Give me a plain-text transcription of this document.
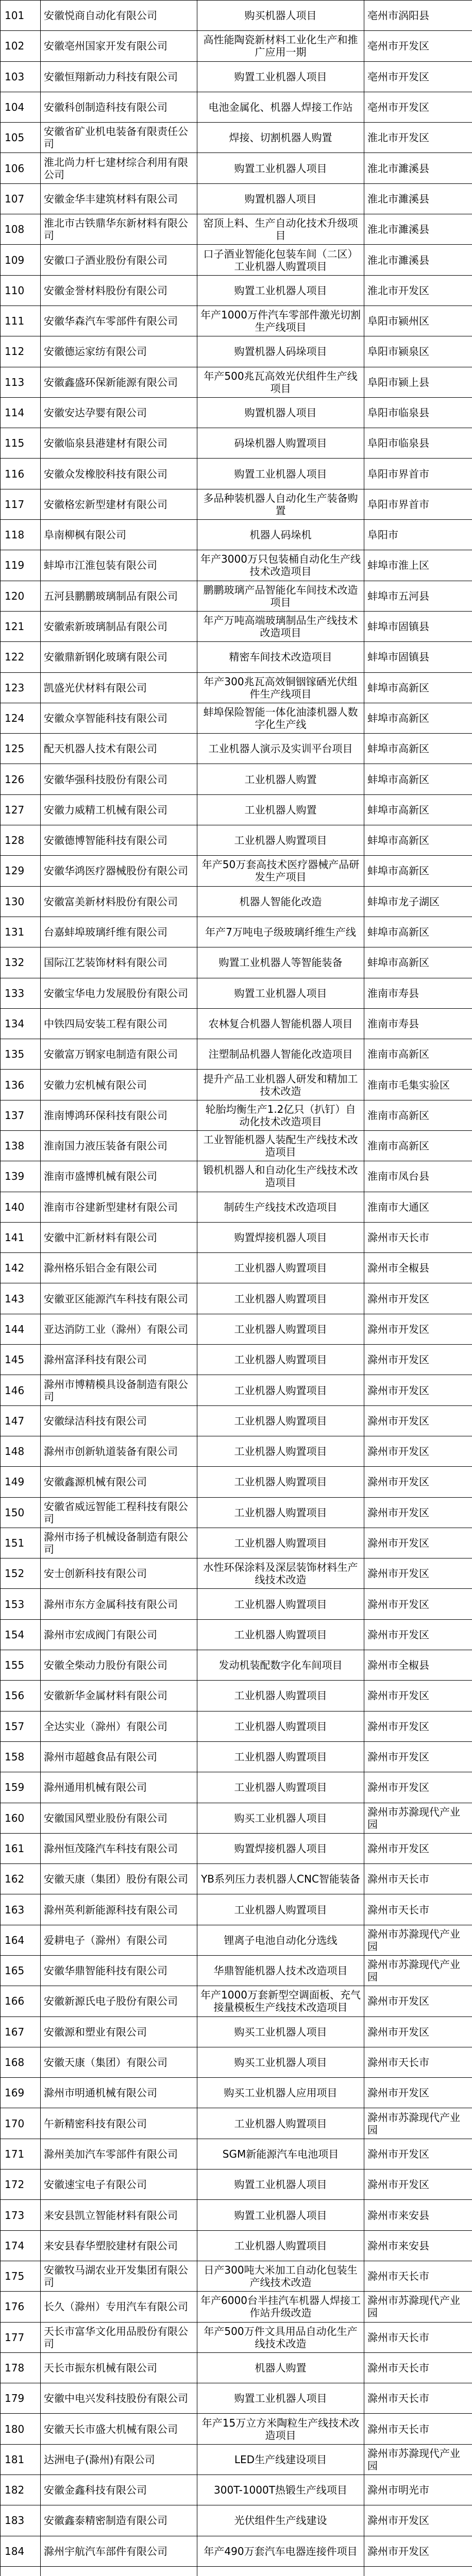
101	安徽悦商自动化有限公司	购买机器人项目	亳州市涡阳县
102	安徽亳州国家开发有限公司	高性能陶瓷新材料工业化生产和推广应用一期	亳州市开发区
103	安徽恒翔新动力科技有限公司	购置工业机器人项目	亳州市开发区
104	安徽科创制造科技有限公司	电池金属化、机器人焊接工作站	亳州市开发区
105	安徽省矿业机电装备有限责任公司	焊接、切割机器人购置	淮北市开发区
106	淮北尚力杆七建材综合利用有限公司	购置工业机器人项目	淮北市濉溪县
107	安徽金华丰建筑材料有限公司	购置机器人项目	淮北市濉溪县
108	淮北市古铁鼎华东新材料有限公司	窑顶上料、生产自动化技术升级项目	淮北市濉溪县
109	安徽口子酒业股份有限公司	口子酒业智能化包装车间（二区）工业机器人购置项目	淮北市濉溪县
110	安徽金誉材料股份有限公司	购置工业机器人项目	淮北市开发区
111	安徽华森汽车零部件有限公司	年产1000万件汽车零部件激光切割生产线项目	阜阳市颍州区
112	安徽德运家纺有限公司	购置机器人码垛项目	阜阳市颍泉区
113	安徽鑫盛环保新能源有限公司	年产500兆瓦高效光伏组件生产线项目	阜阳市颍上县
114	安徽安达孕婴有限公司	购置机器人项目	阜阳市临泉县
115	安徽临泉县港建材有限公司	码垛机器人购置项目	阜阳市临泉县
116	安徽众发橡胶科技有限公司	购置工业机器人项目	阜阳市界首市
117	安徽格宏新型建材有限公司	多品种装机器人自动化生产装备购置	阜阳市界首市
118	阜南柳枫有限公司	机器人码垛机	阜阳市
119	蚌埠市江淮包装有限公司	年产3000万只包装桶自动化生产线技术改造项目	蚌埠市淮上区
120	五河县鹏鹏玻璃制品有限公司	鹏鹏玻璃产品智能化车间技术改造项目	蚌埠市五河县
121	安徽索新玻璃制品有限公司	年产万吨高端玻璃制品生产线技术改造项目	蚌埠市固镇县
122	安徽鼎新钢化玻璃有限公司	精密车间技术改造项目	蚌埠市固镇县
123	凯盛光伏材料有限公司	年产300兆瓦高效铜铟镓硒光伏组件生产线项目	蚌埠市高新区
124	安徽众享智能科技有限公司	蚌埠保险智能一体化油漆机器人数字化生产线	蚌埠市高新区
125	配天机器人技术有限公司	工业机器人演示及实训平台项目	蚌埠市高新区
126	安徽华强科技股份有限公司	工业机器人购置	蚌埠市高新区
127	安徽力威精工机械有限公司	工业机器人购置	蚌埠市高新区
128	安徽德博智能科技有限公司	工业机器人购置项目	蚌埠市高新区
129	安徽华鸿医疗器械股份有限公司	年产50万套高技术医疗器械产品研发生产项目	蚌埠市高新区
130	安徽富美新材料股份有限公司	机器人智能化改造	蚌埠市龙子湖区
131	台嘉蚌埠玻璃纤维有限公司	年产7万吨电子级玻璃纤维生产线	蚌埠市高新区
132	国际江艺装饰材料有限公司	购置工业机器人等智能装备	蚌埠市高新区
133	安徽宝华电力发展股份有限公司	购置工业机器人项目	淮南市寿县
134	中铁四局安装工程有限公司	农林复合机器人智能机器人项目	淮南市寿县
135	安徽富万钢家电制造有限公司	注塑制品机器人智能化改造项目	淮南市高新区
136	安徽力宏机械有限公司	提升产品工业机器人研发和精加工技术改造	淮南市毛集实验区
137	淮南博鸿环保科技有限公司	轮胎均衡生产1.2亿只（扒钉）自动化技术改造项目	淮南市高新区
138	淮南国力液压装备有限公司	工业智能机器人装配生产线技术改造项目	淮南市高新区
139	淮南市盛博机械有限公司	锻机机器人和自动化生产线技术改造项目	淮南市凤台县
140	淮南市谷建新型建材有限公司	制砖生产线技术改造项目	淮南市大通区
141	安徽中汇新材料有限公司	购置焊接机器人项目	滁州市天长市
142	滁州格乐铝合金有限公司	工业机器人购置项目	滁州市全椒县
143	安徽亚区能源汽车科技有限公司	工业机器人购置项目	滁州市开发区
144	亚达消防工业（滁州）有限公司	工业机器人购置项目	滁州市开发区
145	滁州富泽科技有限公司	工业机器人购置项目	滁州市开发区
146	滁州市博精模具设备制造有限公司	工业机器人购置项目	滁州市开发区
147	安徽绿洁科技有限公司	工业机器人购置项目	滁州市开发区
148	滁州市创新轨道装备有限公司	工业机器人购置项目	滁州市开发区
149	安徽鑫源机械有限公司	工业机器人购置项目	滁州市开发区
150	安徽省威远智能工程科技有限公司	工业机器人购置项目	滁州市开发区
151	滁州市扬子机械设备制造有限公司	工业机器人购置项目	滁州市开发区
152	安士创新科技有限公司	水性环保涂料及深层装饰材料生产线技术改造	滁州市开发区
153	滁州市东方金属科技有限公司	工业机器人购置项目	滁州市开发区
154	滁州市宏成阀门有限公司	工业机器人购置项目	滁州市开发区
155	安徽全柴动力股份有限公司	发动机装配数字化车间项目	滁州市全椒县
156	安徽新华金属材料有限公司	工业机器人购置项目	滁州市开发区
157	全达实业（滁州）有限公司	工业机器人购置项目	滁州市开发区
158	滁州市超越食品有限公司	工业机器人购置项目	滁州市开发区
159	滁州通用机械有限公司	工业机器人购置项目	滁州市开发区
160	安徽国风塑业股份有限公司	购买工业机器人项目	滁州市苏滁现代产业园
161	滁州恒茂隆汽车科技有限公司	购置焊接机器人项目	滁州市开发区
162	安徽天康（集团）股份有限公司	YB系列压力表机器人CNC智能装备	滁州市天长市
163	滁州英利新能源科技有限公司	工业机器人购置项目	滁州市天长市
164	爱耕电子（滁州）有限公司	锂离子电池自动化分选线	滁州市苏滁现代产业园
165	安徽华鼎智能科技有限公司	华鼎智能机器人技术改造项目	滁州市苏滁现代产业园
166	安徽新源氏电子股份有限公司	年产1000万套新型空调面板、充气接量模板生产线技术改造项目	滁州市开发区
167	安徽源和塑业有限公司	购买工业机器人项目	滁州市开发区
168	安徽天康（集团）有限公司	购买工业机器人项目	滁州市天长市
169	滁州市明通机械有限公司	购买工业机器人应用项目	滁州市开发区
170	午新精密科技有限公司	工业机器人购置项目	滁州市苏滁现代产业园
171	滁州美加汽车零部件有限公司	SGM新能源汽车电池项目	滁州市开发区
172	安徽速宝电子有限公司	购置工业机器人项目	滁州市开发区
173	来安县凯立智能材料有限公司	购置工业机器人项目	滁州市来安县
174	来安县春华塑胶建材有限公司	工业机器人购置项目	滁州市来安县
175	安徽牧马湖农业开发集团有限公司	日产300吨大米加工自动化包装生产线技术改造	滁州市天长市
176	长久（滁州）专用汽车有限公司	年产6000台半挂汽车机器人焊接工作站升级改造	滁州市苏滁现代产业园
177	天长市富华文化用品股份有限公司	年产500万件文具用品自动化生产线技术改造	滁州市天长市
178	天长市振东机械有限公司	机器人购置	滁州市天长市
179	安徽中电兴发科技股份有限公司	购置工业机器人项目	滁州市天长市
180	安徽天长市盛大机械有限公司	年产15万立方米陶粒生产线技术改造项目	滁州市天长市
181	达洲电子(滁州)有限公司	LED生产线建设项目	滁州市苏滁现代产业园
182	安徽金鑫科技有限公司	300T-1000T热锻生产线项目	滁州市明光市
183	安徽鑫泰精密制造有限公司	光伏组件生产线建设	滁州市开发区
184	滁州宇航汽车部件有限公司	年产490万套汽车电器连接件项目	滁州市开发区
